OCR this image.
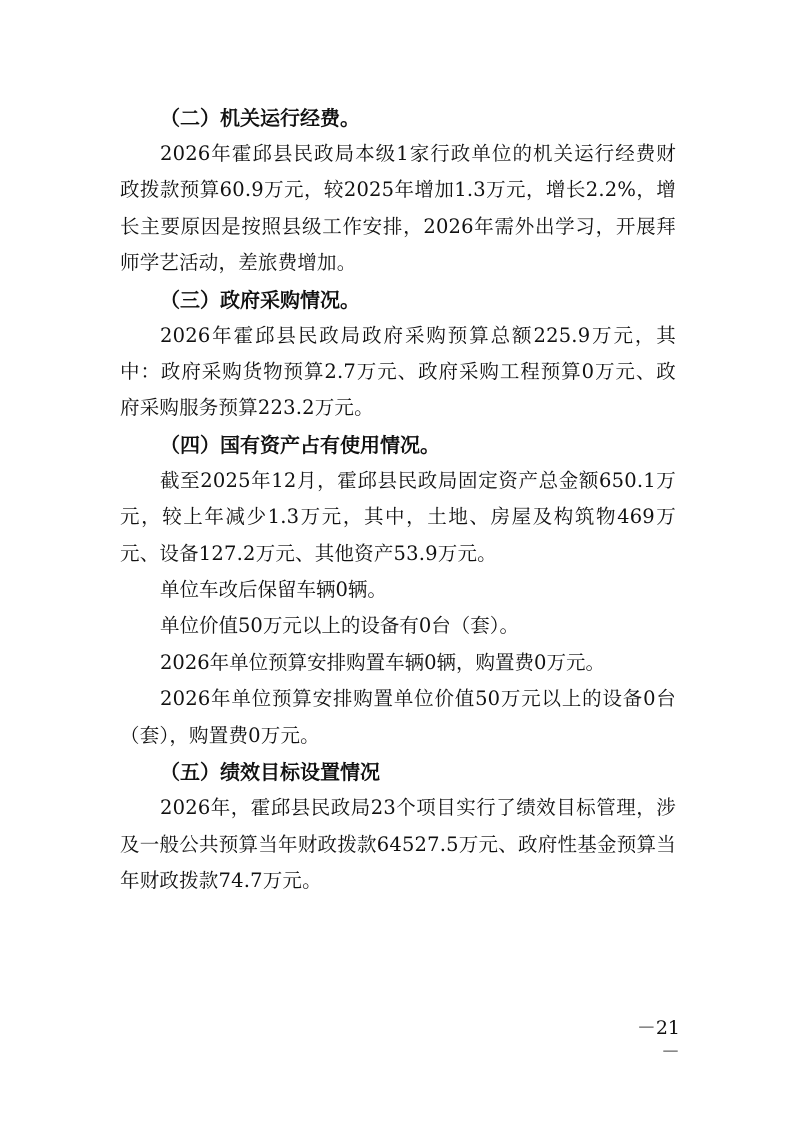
（二）机关运行经费。

2026年霍邱县民政局本级1家行政单位的机关运行经费财政拨款预算60.9万元，较2025年增加1.3万元，增长2.2%，增长主要原因是按照县级工作安排，2026年需外出学习，开展拜师学艺活动，差旅费增加。

（三）政府采购情况。

2026年霍邱县民政局政府采购预算总额225.9万元，其中：政府采购货物预算2.7万元、政府采购工程预算0万元、政府采购服务预算223.2万元。

（四）国有资产占有使用情况。

截至2025年12月，霍邱县民政局固定资产总金额650.1万元，较上年减少1.3万元，其中，土地、房屋及构筑物469万元、设备127.2万元、其他资产53.9万元。

单位车改后保留车辆0辆。
单位价值50万元以上的设备有0台（套）。
2026年单位预算安排购置车辆0辆，购置费0万元。

2026年单位预算安排购置单位价值50万元以上的设备0台（套），购置费0万元。

（五）绩效目标设置情况

2026年，霍邱县民政局23个项目实行了绩效目标管理，涉及一般公共预算当年财政拨款64527.5万元、政府性基金预算当年财政拨款74.7万元。

－21－
